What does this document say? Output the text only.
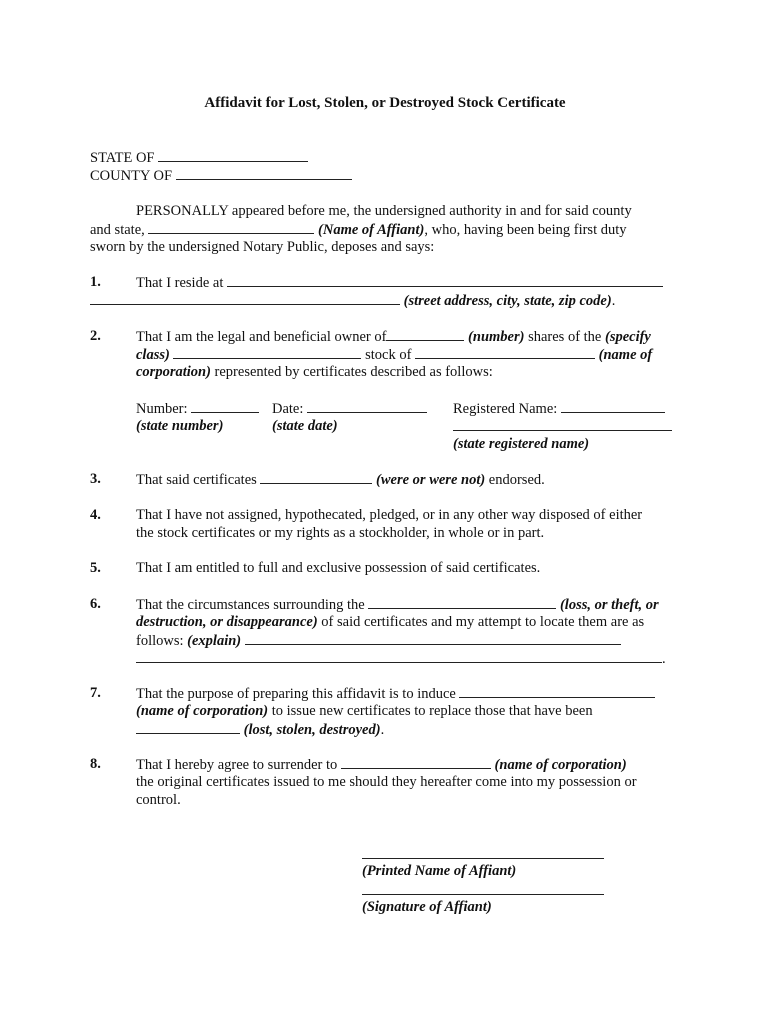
Affidavit for Lost, Stolen, or Destroyed Stock Certificate
STATE OF
COUNTY OF
PERSONALLY appeared before me, the undersigned authority in and for said county
and state,	(Name of Affiant), who, having been being first duty
sworn by the undersigned Notary Public, deposes and says:
1. That I reside at
(street address, city, state, zip code).
2. That I am the legal and beneficial owner of	(number) shares of the (specify
class)	stock of	(name of
corporation) represented by certificates described as follows:
Number:	Date:	Registered Name:
(state number)	(state date)
(state registered name)
3. That said certificates	(were or were not) endorsed.
4. That I have not assigned, hypothecated, pledged, or in any other way disposed of either
the stock certificates or my rights as a stockholder, in whole or in part.
5. That I am entitled to full and exclusive possession of said certificates.
6. That the circumstances surrounding the	(loss, or theft, or
destruction, or disappearance) of said certificates and my attempt to locate them are as
follows: (explain)
.
7. That the purpose of preparing this affidavit is to induce
(name of corporation) to issue new certificates to replace those that have been
(lost, stolen, destroyed).
8. That I hereby agree to surrender to	(name of corporation)
the original certificates issued to me should they hereafter come into my possession or
control.
(Printed Name of Affiant)
(Signature of Affiant)
